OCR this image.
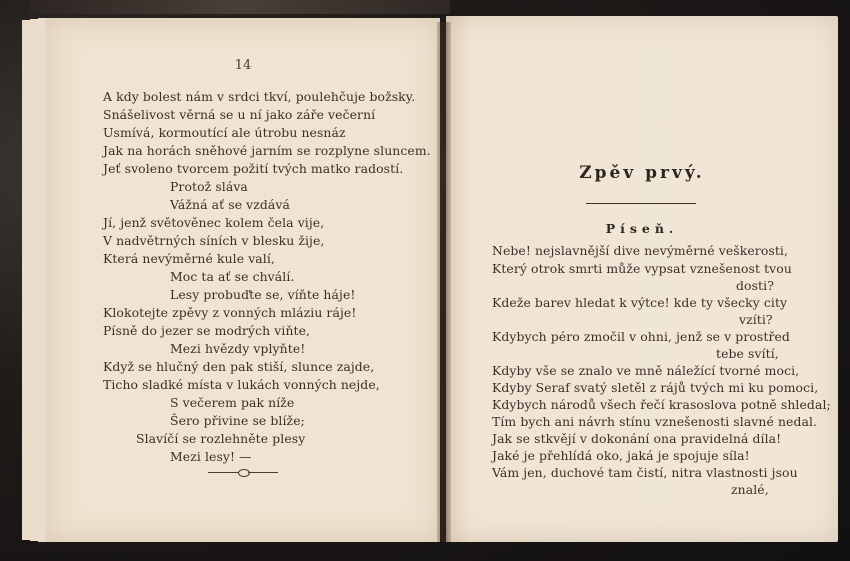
14
A kdy bolest nám v srdci tkví, poulehčuje božsky.
Snášelivost věrná se u ní jako záře večerní
Usmívá, kormoutící ale útrobu nesnáz
Jak na horách sněhové jarním se rozplyne sluncem.
Jeť svoleno tvorcem požití tvých matko radostí.
Protož sláva
Vážná ať se vzdává
Jí, jenž světověnec kolem čela vije,
V nadvětrných síních v blesku žije,
Která nevýměrné kule valí,
Moc ta ať se chválí.
Lesy probuďte se, víňte háje!
Klokotejte zpěvy z vonných mláziu ráje!
Písně do jezer se modrých viňte,
Mezi hvězdy vplyňte!
Když se hlučný den pak stiší, slunce zajde,
Ticho sladké místa v lukách vonných nejde,
S večerem pak níže
Šero přivine se blíže;
Slavíčí se rozlehněte plesy
Mezi lesy! —
Zpěv prvý.
Píseň.
Nebe! nejslavnější dive nevýměrné veškerosti,
Který otrok smrti může vypsat vznešenost tvou
dosti?
Kdeže barev hledat k výtce! kde ty všecky city
vzíti?
Kdybych péro zmočil v ohni, jenž se v prostřed
tebe svítí,
Kdyby vše se znalo ve mně náležící tvorné moci,
Kdyby Seraf svatý sletěl z rájů tvých mi ku pomoci,
Kdybych národů všech řečí krasoslova potně shledal;
Tím bych ani návrh stínu vznešenosti slavné nedal.
Jak se stkvějí v dokonání ona pravidelná díla!
Jaké je přehlídá oko, jaká je spojuje síla!
Vám jen, duchové tam čistí, nitra vlastnosti jsou
znalé,
